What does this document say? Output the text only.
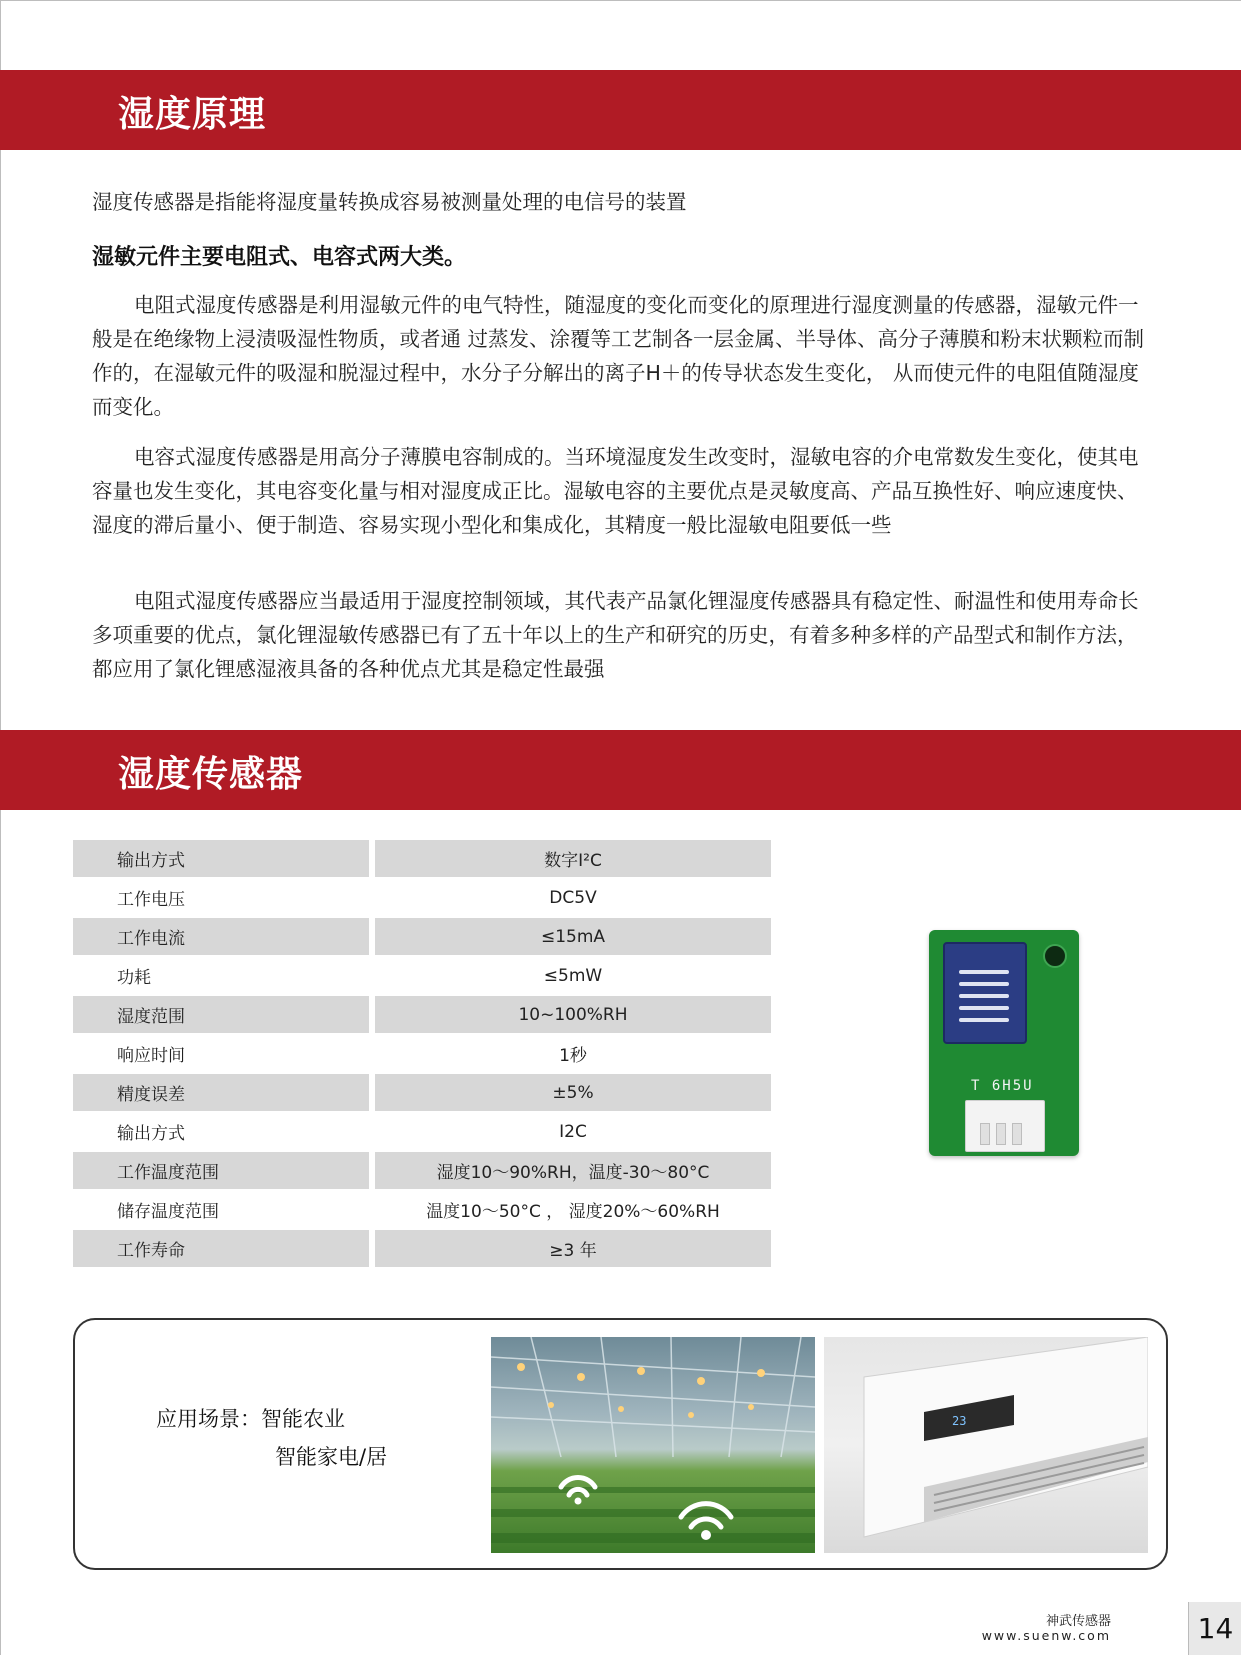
湿度原理
湿度传感器是指能将湿度量转换成容易被测量处理的电信号的装置
湿敏元件主要电阻式、电容式两大类。
电阻式湿度传感器是利用湿敏元件的电气特性，随湿度的变化而变化的原理进行湿度测量的传感器，湿敏元件一般是在绝缘物上浸渍吸湿性物质，或者通 过蒸发、涂覆等工艺制各一层金属、半导体、高分子薄膜和粉末状颗粒而制作的，在湿敏元件的吸湿和脱湿过程中，水分子分解出的离子H＋的传导状态发生变化， 从而使元件的电阻值随湿度而变化。
电容式湿度传感器是用高分子薄膜电容制成的。当环境湿度发生改变时，湿敏电容的介电常数发生变化，使其电容量也发生变化，其电容变化量与相对湿度成正比。湿敏电容的主要优点是灵敏度高、产品互换性好、响应速度快、湿度的滞后量小、便于制造、容易实现小型化和集成化，其精度一般比湿敏电阻要低一些
电阻式湿度传感器应当最适用于湿度控制领域，其代表产品氯化锂湿度传感器具有稳定性、耐温性和使用寿命长多项重要的优点，氯化锂湿敏传感器已有了五十年以上的生产和研究的历史，有着多种多样的产品型式和制作方法，都应用了氯化锂感湿液具备的各种优点尤其是稳定性最强
湿度传感器
输出方式		数字I²C
工作电压		DC5V
工作电流		≤15mA
功耗		≤5mW
湿度范围		10~100%RH
响应时间		1秒
精度误差		±5%
输出方式		I2C
工作温度范围		湿度10～90%RH，温度-30～80°C
储存温度范围		温度10～50°C ， 湿度20%～60%RH
工作寿命		≥3 年
T 6H5U
应用场景：智能农业
智能家电/居
23
神武传感器
www.suenw.com	14
